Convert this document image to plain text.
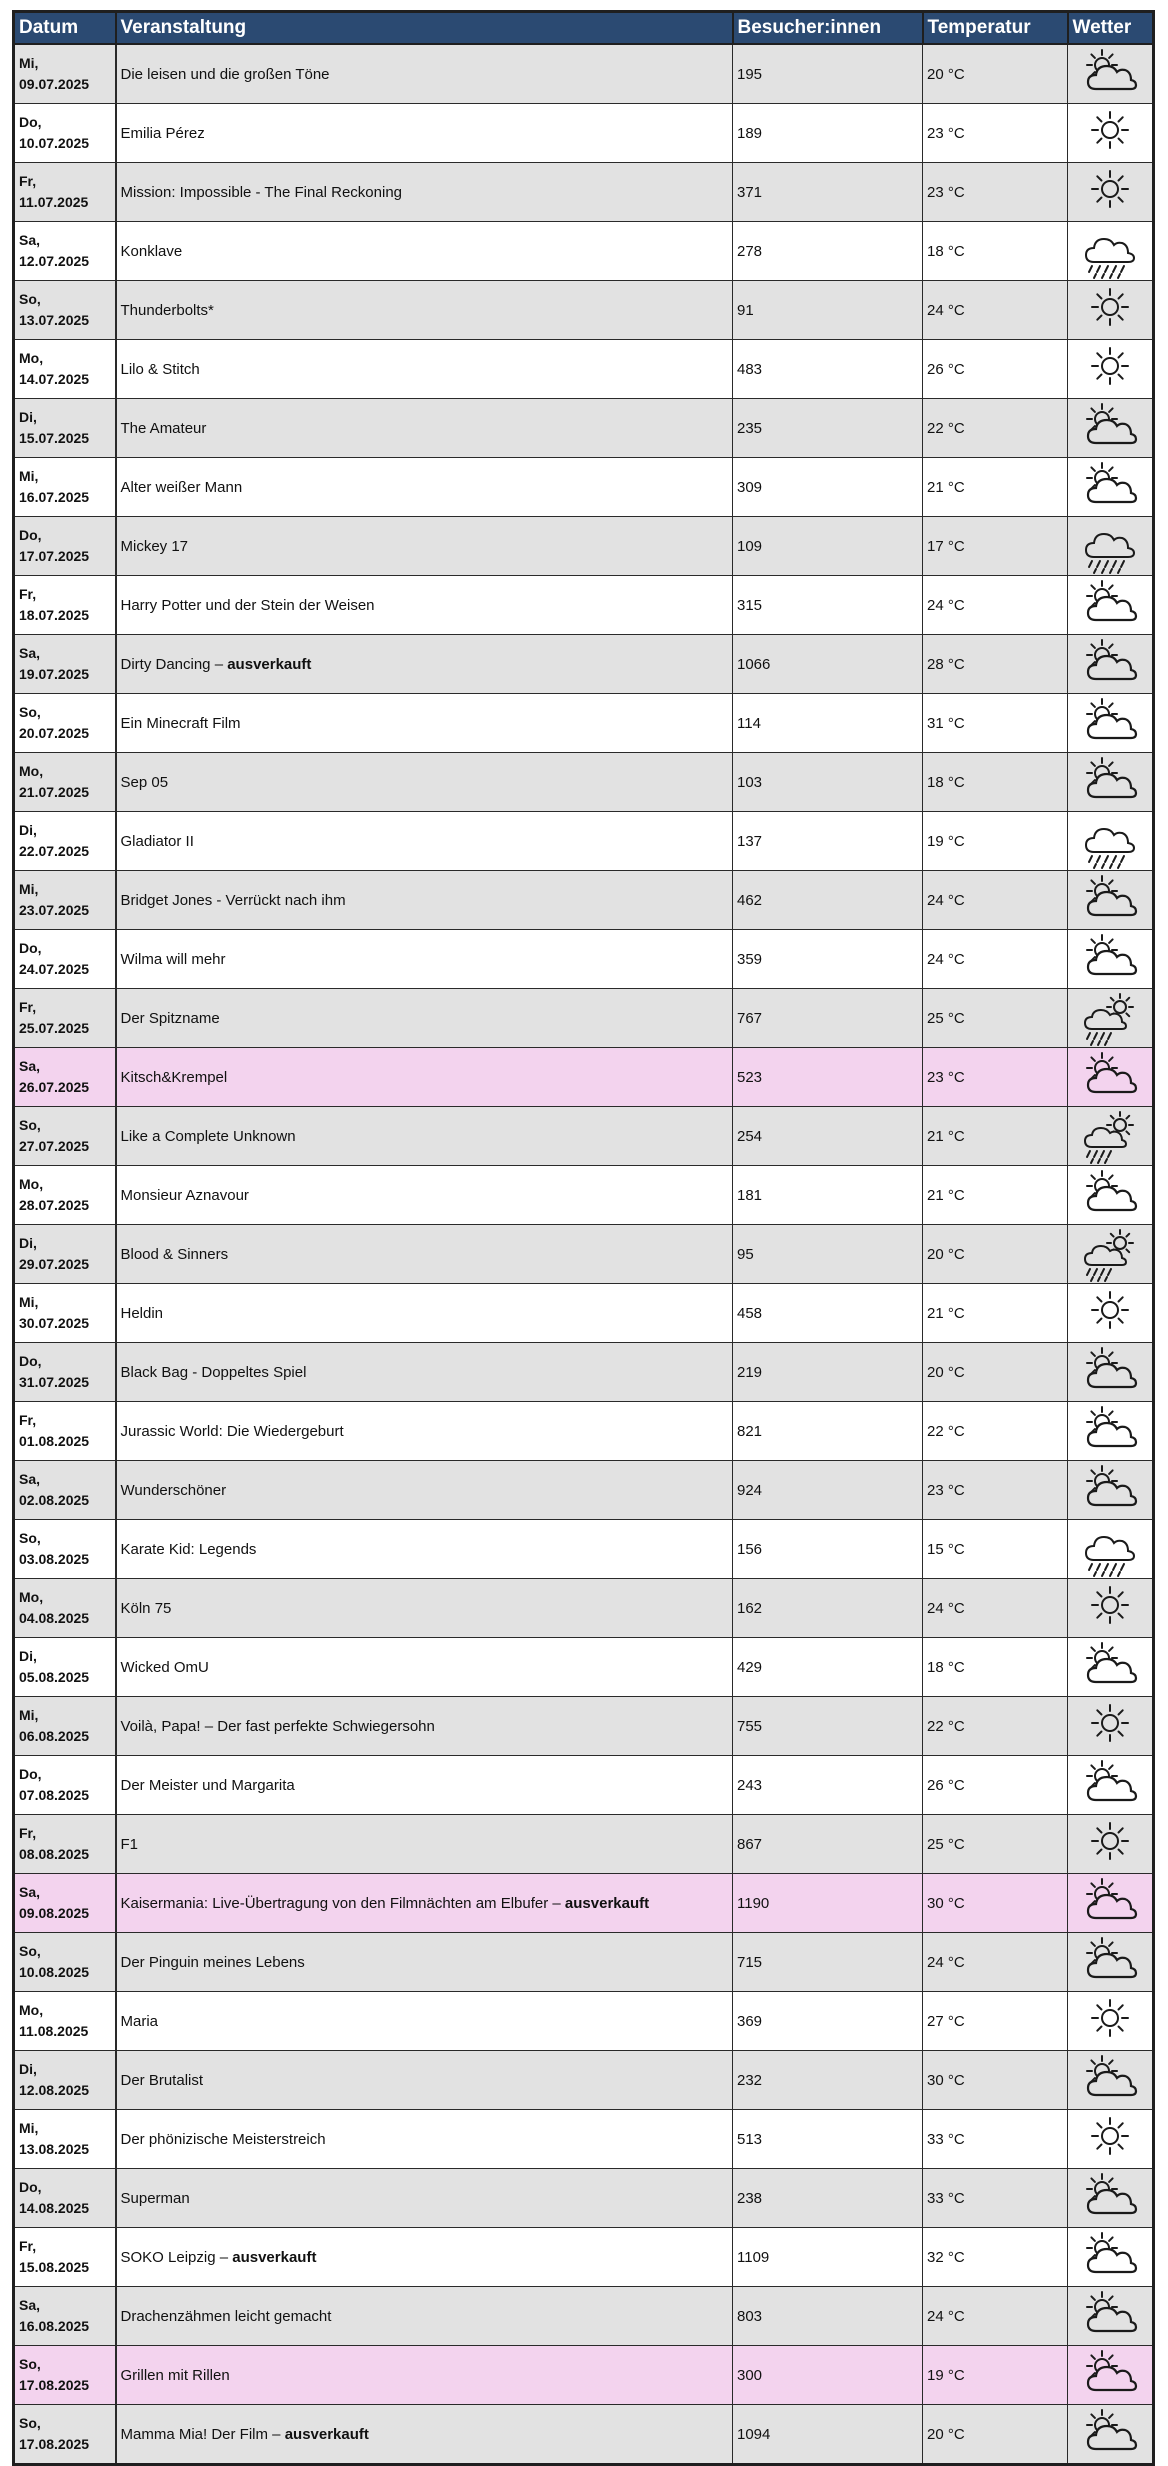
Datum	Veranstaltung	Besucher:innen	Temperatur	Wetter

Mi,
09.07.2025	Die leisen und die großen Töne	195	20 °C	

Do,
10.07.2025	Emilia Pérez	189	23 °C	

Fr,
11.07.2025	Mission: Impossible - The Final Reckoning	371	23 °C	

Sa,
12.07.2025	Konklave	278	18 °C	

So,
13.07.2025	Thunderbolts*	91	24 °C	

Mo,
14.07.2025	Lilo & Stitch	483	26 °C	

Di,
15.07.2025	The Amateur	235	22 °C	

Mi,
16.07.2025	Alter weißer Mann	309	21 °C	

Do,
17.07.2025	Mickey 17	109	17 °C	

Fr,
18.07.2025	Harry Potter und der Stein der Weisen	315	24 °C	

Sa,
19.07.2025	Dirty Dancing – ausverkauft	1066	28 °C	

So,
20.07.2025	Ein Minecraft Film	114	31 °C	

Mo,
21.07.2025	Sep 05	103	18 °C	

Di,
22.07.2025	Gladiator II	137	19 °C	

Mi,
23.07.2025	Bridget Jones - Verrückt nach ihm	462	24 °C	

Do,
24.07.2025	Wilma will mehr	359	24 °C	

Fr,
25.07.2025	Der Spitzname	767	25 °C	

Sa,
26.07.2025	Kitsch&Krempel	523	23 °C	

So,
27.07.2025	Like a Complete Unknown	254	21 °C	

Mo,
28.07.2025	Monsieur Aznavour	181	21 °C	

Di,
29.07.2025	Blood & Sinners	95	20 °C	

Mi,
30.07.2025	Heldin	458	21 °C	

Do,
31.07.2025	Black Bag - Doppeltes Spiel	219	20 °C	

Fr,
01.08.2025	Jurassic World: Die Wiedergeburt	821	22 °C	

Sa,
02.08.2025	Wunderschöner	924	23 °C	

So,
03.08.2025	Karate Kid: Legends	156	15 °C	

Mo,
04.08.2025	Köln 75	162	24 °C	

Di,
05.08.2025	Wicked OmU	429	18 °C	

Mi,
06.08.2025	Voilà, Papa! – Der fast perfekte Schwiegersohn	755	22 °C	

Do,
07.08.2025	Der Meister und Margarita	243	26 °C	

Fr,
08.08.2025	F1	867	25 °C	

Sa,
09.08.2025	Kaisermania: Live-Übertragung von den Filmnächten am Elbufer – ausverkauft	1190	30 °C	

So,
10.08.2025	Der Pinguin meines Lebens	715	24 °C	

Mo,
11.08.2025	Maria	369	27 °C	

Di,
12.08.2025	Der Brutalist	232	30 °C	

Mi,
13.08.2025	Der phönizische Meisterstreich	513	33 °C	

Do,
14.08.2025	Superman	238	33 °C	

Fr,
15.08.2025	SOKO Leipzig – ausverkauft	1109	32 °C	

Sa,
16.08.2025	Drachenzähmen leicht gemacht	803	24 °C	

So,
17.08.2025	Grillen mit Rillen	300	19 °C	

So,
17.08.2025	Mamma Mia! Der Film – ausverkauft	1094	20 °C	
